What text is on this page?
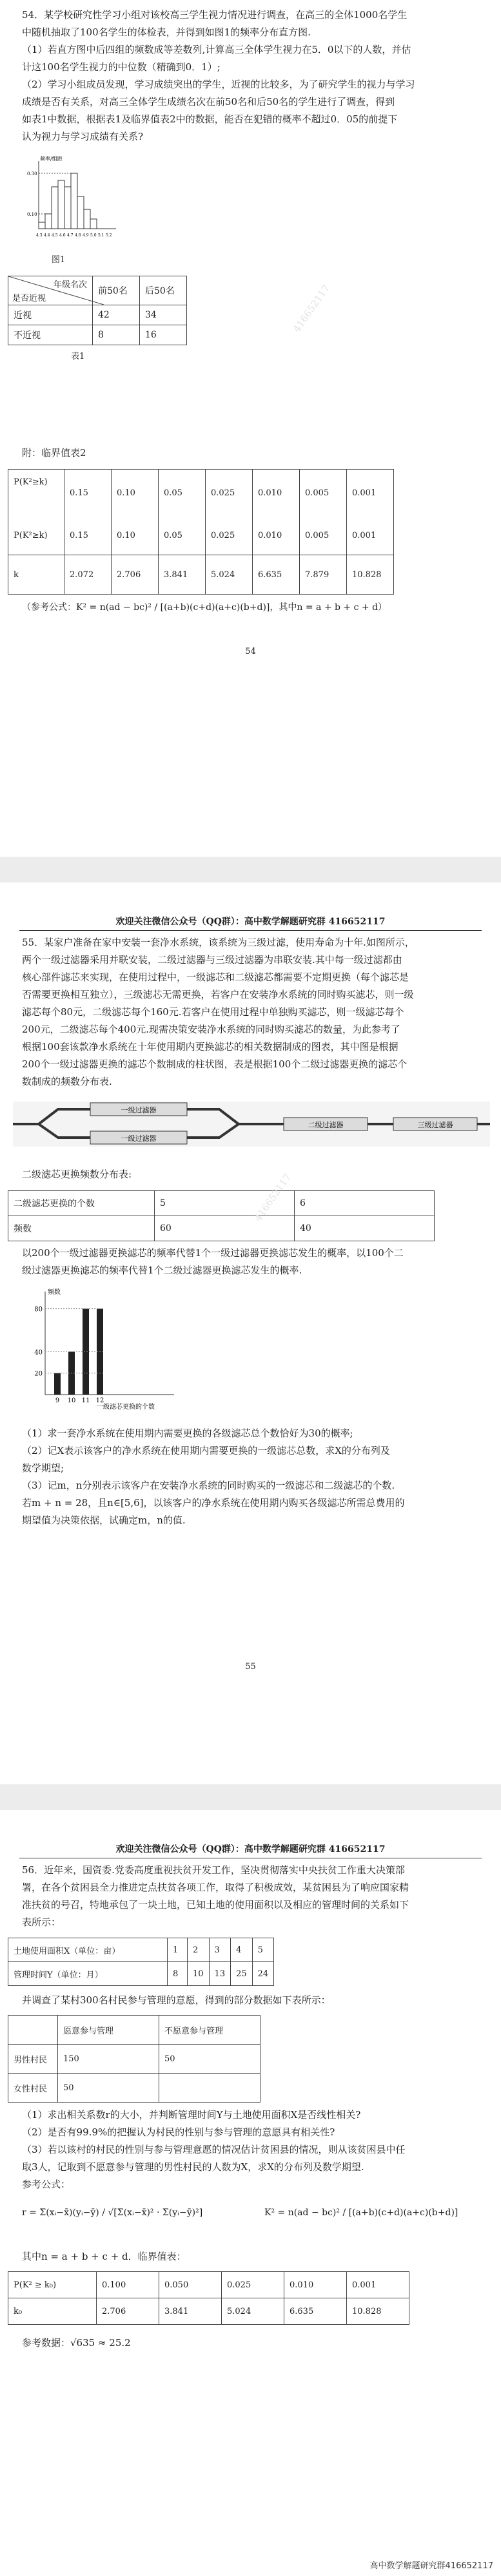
54．某学校研究性学习小组对该校高三学生视力情况进行调查，在高三的全体1000名学生
中随机抽取了100名学生的体检表，并得到如图1的频率分布直方图.
（1）若直方图中后四组的频数成等差数列,计算高三全体学生视力在5．0以下的人数，并估
计这100名学生视力的中位数（精确到0．1）;
（2）学习小组成员发现，学习成绩突出的学生，近视的比较多，为了研究学生的视力与学习
成绩是否有关系，对高三全体学生成绩名次在前50名和后50名的学生进行了调查，得到
如表1中数据，根据表1及临界值表2中的数据，能否在犯错的概率不超过0．05的前提下
认为视力与学习成绩有关系?
频率/组距
0.30
0.10
4.3 4.4 4.5 4.6 4.7 4.8 4.9 5.0 5.1 5.2
图1
年级名次
是否近视	前50名	后50名
近视	42	34
不近视	8	16
表1
附：临界值表2
P(K²≥k)	0.15	0.10	0.05	0.025	0.010	0.005	0.001
P(K²≥k)	0.15	0.10	0.05	0.025	0.010	0.005	0.001
k	2.072	2.706	3.841	5.024	6.635	7.879	10.828
（参考公式：K² = n(ad − bc)² / [(a+b)(c+d)(a+c)(b+d)]，其中n = a + b + c + d）
416652117
54
欢迎关注微信公众号（QQ群）：高中数学解题研究群 416652117
55．某家户准备在家中安装一套净水系统，该系统为三级过滤，使用寿命为十年.如图所示，
两个一级过滤器采用并联安装，二级过滤器与三级过滤器为串联安装.其中每一级过滤都由
核心部件滤芯来实现，在使用过程中，一级滤芯和二级滤芯都需要不定期更换（每个滤芯是
否需要更换相互独立），三级滤芯无需更换，若客户在安装净水系统的同时购买滤芯，则一级
滤芯每个80元，二级滤芯每个160元.若客户在使用过程中单独购买滤芯，则一级滤芯每个
200元，二级滤芯每个400元.现需决策安装净水系统的同时购买滤芯的数量，为此参考了
根据100套该款净水系统在十年使用期内更换滤芯的相关数据制成的图表，其中图是根据
200个一级过滤器更换的滤芯个数制成的柱状图，表是根据100个二级过滤器更换的滤芯个
数制成的频数分布表.
一级过滤器
一级过滤器
二级过滤器	三级过滤器
二级滤芯更换频数分布表:
二级滤芯更换的个数	5	6
频数	60	40
以200个一级过滤器更换滤芯的频率代替1个一级过滤器更换滤芯发生的概率，以100个二
级过滤器更换滤芯的频率代替1个二级过滤器更换滤芯发生的概率.
频数
一级滤芯更换的个数
9 10 11 12
80
40
20
（1）求一套净水系统在使用期内需要更换的各级滤芯总个数恰好为30的概率;
（2）记X表示该客户的净水系统在使用期内需要更换的一级滤芯总数，求X的分布列及
数学期望;
（3）记m，n分别表示该客户在安装净水系统的同时购买的一级滤芯和二级滤芯的个数.
若m + n = 28，且n∈[5,6]，以该客户的净水系统在使用期内购买各级滤芯所需总费用的
期望值为决策依据，试确定m，n的值.
416652117
55
欢迎关注微信公众号（QQ群）：高中数学解题研究群 416652117
56．近年来，国资委.党委高度重视扶贫开发工作，坚决贯彻落实中央扶贫工作重大决策部
署，在各个贫困县全力推进定点扶贫各项工作，取得了积极成效，某贫困县为了响应国家精
准扶贫的号召，特地承包了一块土地，已知土地的使用面积以及相应的管理时间的关系如下
表所示：
土地使用面积X（单位：亩）	1	2	3	4	5
管理时间Y（单位：月）	8	10	13	25	24
并调查了某村300名村民参与管理的意愿，得到的部分数据如下表所示：
	愿意参与管理	不愿意参与管理
男性村民	150	50
女性村民	50	
（1）求出相关系数r的大小，并判断管理时间Y与土地使用面积X是否线性相关?
（2）是否有99.9%的把握认为村民的性别与参与管理的意愿具有相关性?
（3）若以该村的村民的性别与参与管理意愿的情况估计贫困县的情况，则从该贫困县中任
取3人，记取到不愿意参与管理的男性村民的人数为X，求X的分布列及数学期望.
参考公式：
r = Σ(xᵢ−x̄)(yᵢ−ȳ) / √[Σ(xᵢ−x̄)² · Σ(yᵢ−ȳ)²]	K² = n(ad − bc)² / [(a+b)(c+d)(a+c)(b+d)]
其中n = a + b + c + d．临界值表：
P(K² ≥ k₀)	0.100	0.050	0.025	0.010	0.001
k₀	2.706	3.841	5.024	6.635	10.828
参考数据：√635 ≈ 25.2
高中数学解题研究群416652117
